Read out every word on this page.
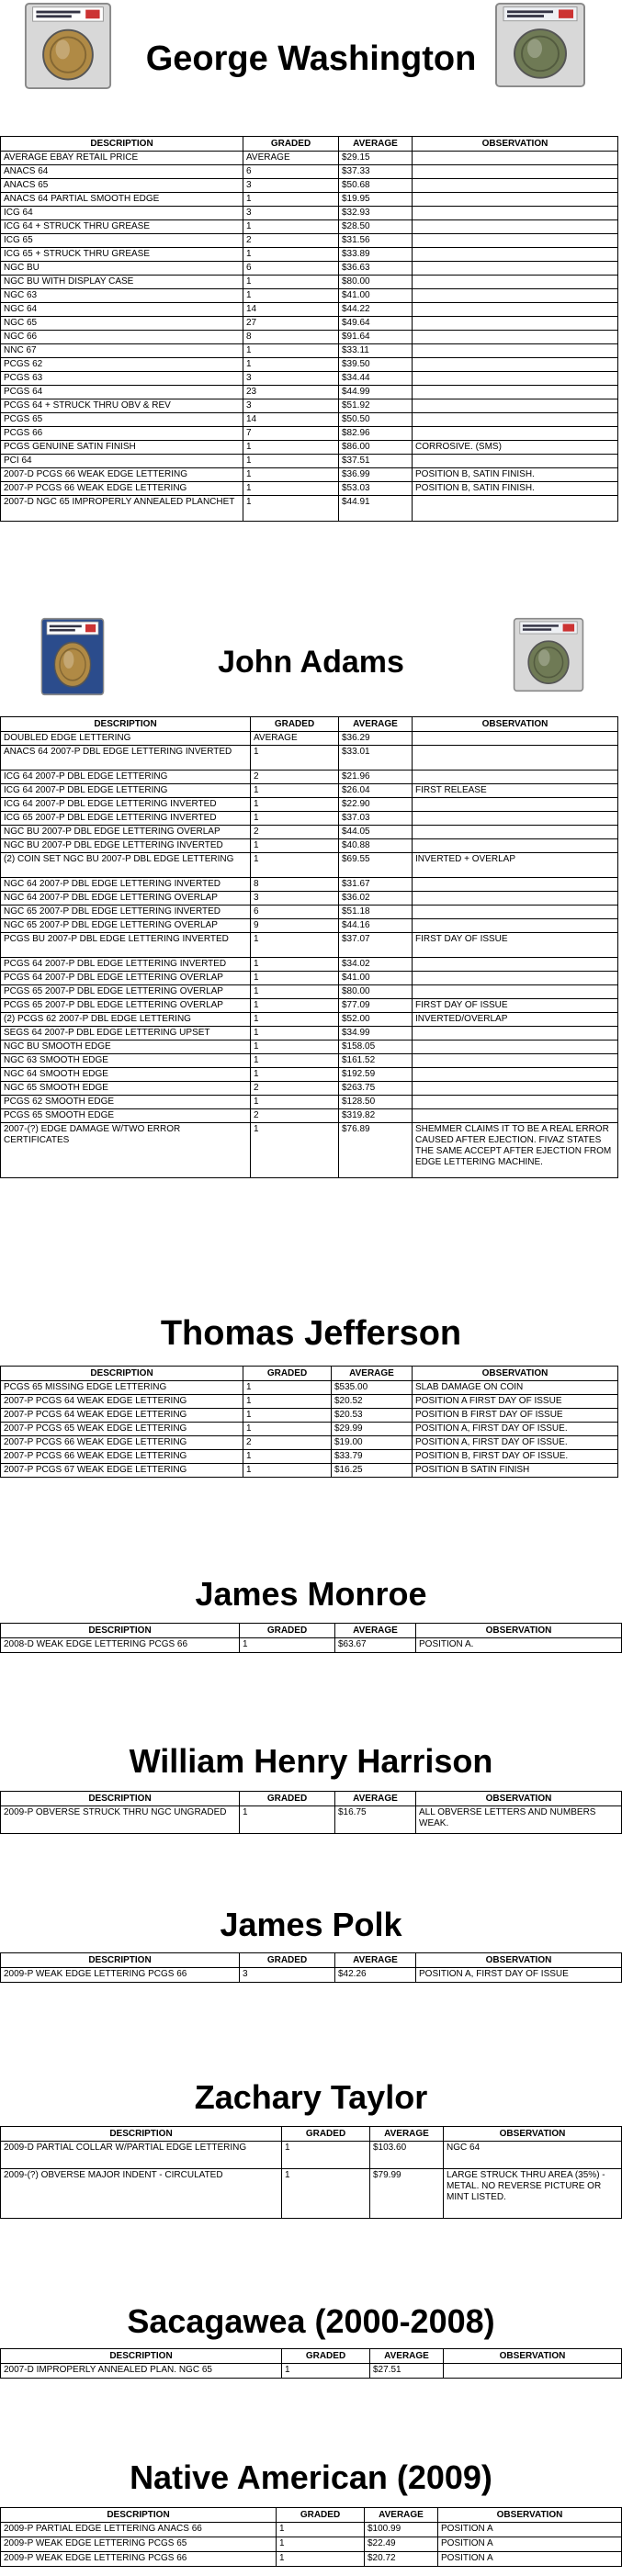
George Washington
DESCRIPTION	GRADED	AVERAGE	OBSERVATION
AVERAGE EBAY RETAIL PRICE	AVERAGE	$29.15	
ANACS 64	6	$37.33	
ANACS 65	3	$50.68	
ANACS 64 PARTIAL SMOOTH EDGE	1	$19.95	
ICG 64	3	$32.93	
ICG 64 + STRUCK THRU GREASE	1	$28.50	
ICG 65	2	$31.56	
ICG 65 + STRUCK THRU GREASE	1	$33.89	
NGC BU	6	$36.63	
NGC BU WITH DISPLAY CASE	1	$80.00	
NGC 63	1	$41.00	
NGC 64	14	$44.22	
NGC 65	27	$49.64	
NGC 66	8	$91.64	
NNC 67	1	$33.11	
PCGS 62	1	$39.50	
PCGS 63	3	$34.44	
PCGS 64	23	$44.99	
PCGS 64 + STRUCK THRU OBV & REV	3	$51.92	
PCGS 65	14	$50.50	
PCGS 66	7	$82.96	
PCGS GENUINE SATIN FINISH	1	$86.00	CORROSIVE. (SMS)
PCI 64	1	$37.51	
2007-D PCGS 66 WEAK EDGE LETTERING	1	$36.99	POSITION B, SATIN FINISH.
2007-P PCGS 66 WEAK EDGE LETTERING	1	$53.03	POSITION B, SATIN FINISH.
2007-D NGC 65 IMPROPERLY ANNEALED PLANCHET	1	$44.91	
John Adams
DESCRIPTION	GRADED	AVERAGE	OBSERVATION
DOUBLED EDGE LETTERING	AVERAGE	$36.29	
ANACS 64 2007-P DBL EDGE LETTERING INVERTED	1	$33.01	
ICG 64 2007-P DBL EDGE LETTERING	2	$21.96	
ICG 64 2007-P DBL EDGE LETTERING	1	$26.04	FIRST RELEASE
ICG 64 2007-P DBL EDGE LETTERING INVERTED	1	$22.90	
ICG 65 2007-P DBL EDGE LETTERING INVERTED	1	$37.03	
NGC BU 2007-P DBL EDGE LETTERING OVERLAP	2	$44.05	
NGC BU 2007-P DBL EDGE LETTERING INVERTED	1	$40.88	
(2) COIN SET NGC BU 2007-P DBL EDGE LETTERING	1	$69.55	INVERTED + OVERLAP
NGC 64 2007-P DBL EDGE LETTERING INVERTED	8	$31.67	
NGC 64 2007-P DBL EDGE LETTERING OVERLAP	3	$36.02	
NGC 65 2007-P DBL EDGE LETTERING INVERTED	6	$51.18	
NGC 65 2007-P DBL EDGE LETTERING OVERLAP	9	$44.16	
PCGS BU 2007-P DBL EDGE LETTERING INVERTED	1	$37.07	FIRST DAY OF ISSUE
PCGS 64 2007-P DBL EDGE LETTERING INVERTED	1	$34.02	
PCGS 64 2007-P DBL EDGE LETTERING OVERLAP	1	$41.00	
PCGS 65 2007-P DBL EDGE LETTERING OVERLAP	1	$80.00	
PCGS 65 2007-P DBL EDGE LETTERING OVERLAP	1	$77.09	FIRST DAY OF ISSUE
(2) PCGS 62 2007-P DBL EDGE LETTERING	1	$52.00	INVERTED/OVERLAP
SEGS 64 2007-P DBL EDGE LETTERING UPSET	1	$34.99	
NGC BU SMOOTH EDGE	1	$158.05	
NGC 63 SMOOTH EDGE	1	$161.52	
NGC 64 SMOOTH EDGE	1	$192.59	
NGC 65 SMOOTH EDGE	2	$263.75	
PCGS 62 SMOOTH EDGE	1	$128.50	
PCGS 65 SMOOTH EDGE	2	$319.82	
2007-(?) EDGE DAMAGE W/TWO ERROR CERTIFICATES	1	$76.89	SHEMMER CLAIMS IT TO BE A REAL ERROR CAUSED AFTER EJECTION. FIVAZ STATES THE SAME ACCEPT AFTER EJECTION FROM EDGE LETTERING MACHINE.
Thomas Jefferson
DESCRIPTION	GRADED	AVERAGE	OBSERVATION
PCGS 65 MISSING EDGE LETTERING	1	$535.00	SLAB DAMAGE ON COIN
2007-P PCGS 64 WEAK EDGE LETTERING	1	$20.52	POSITION A FIRST DAY OF ISSUE
2007-P PCGS 64 WEAK EDGE LETTERING	1	$20.53	POSITION B FIRST DAY OF ISSUE
2007-P PCGS 65 WEAK EDGE LETTERING	1	$29.99	POSITION A, FIRST DAY OF ISSUE.
2007-P PCGS 66 WEAK EDGE LETTERING	2	$19.00	POSITION A, FIRST DAY OF ISSUE.
2007-P PCGS 66 WEAK EDGE LETTERING	1	$33.79	POSITION B, FIRST DAY OF ISSUE.
2007-P PCGS 67 WEAK EDGE LETTERING	1	$16.25	POSITION B SATIN FINISH
James Monroe
DESCRIPTION	GRADED	AVERAGE	OBSERVATION
2008-D WEAK EDGE LETTERING PCGS 66	1	$63.67	POSITION A.
William Henry Harrison
DESCRIPTION	GRADED	AVERAGE	OBSERVATION
2009-P OBVERSE STRUCK THRU NGC UNGRADED	1	$16.75	ALL OBVERSE LETTERS AND NUMBERS WEAK.
James Polk
DESCRIPTION	GRADED	AVERAGE	OBSERVATION
2009-P WEAK EDGE LETTERING PCGS 66	3	$42.26	POSITION A, FIRST DAY OF ISSUE
Zachary Taylor
DESCRIPTION	GRADED	AVERAGE	OBSERVATION
2009-D PARTIAL COLLAR W/PARTIAL EDGE LETTERING	1	$103.60	NGC 64
2009-(?) OBVERSE MAJOR INDENT - CIRCULATED	1	$79.99	LARGE STRUCK THRU AREA (35%) - METAL. NO REVERSE PICTURE OR MINT LISTED.
Sacagawea (2000-2008)
DESCRIPTION	GRADED	AVERAGE	OBSERVATION
2007-D IMPROPERLY ANNEALED PLAN. NGC 65	1	$27.51	
Native American (2009)
DESCRIPTION	GRADED	AVERAGE	OBSERVATION
2009-P PARTIAL EDGE LETTERING ANACS 66	1	$100.99	POSITION A
2009-P WEAK EDGE LETTERING PCGS 65	1	$22.49	POSITION A
2009-P WEAK EDGE LETTERING PCGS 66	1	$20.72	POSITION A
